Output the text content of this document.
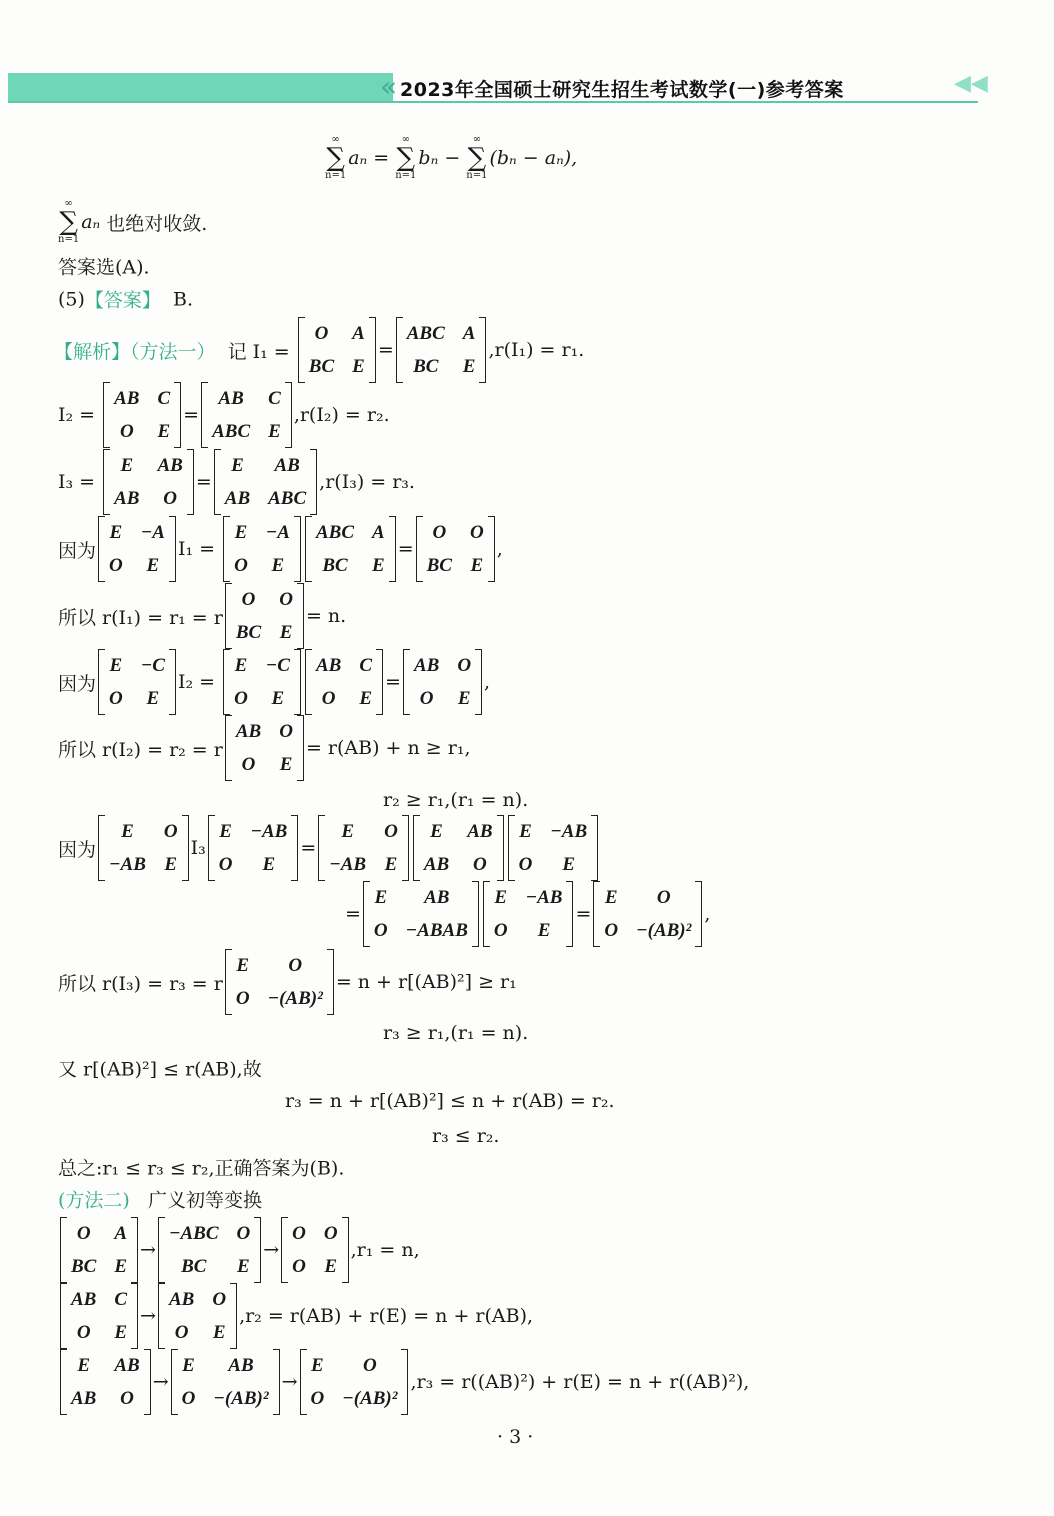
« 2023年全国硕士研究生招生考试数学(一)参考答案	◀◀
∞
∑
n=1
aₙ =
∞
∑
n=1
bₙ −
∞
∑
n=1
(bₙ − aₙ),
∞
∑
n=1
aₙ 也绝对收敛.
答案选(A).
(5) 【答案】 B.
【解析】（方法一） 记 I₁ =
O A
BC E
=
ABC A
BC E
,r(I₁) = r₁.
I₂ =
AB C
O E
=
AB C
ABC E
,r(I₂) = r₂.
I₃ =
E AB
AB O
=
E AB
AB ABC
,r(I₃) = r₃.
因为
E −A
O E
I₁ =
E −A
O E
ABC A
BC E
=
O O
BC E
,
所以 r(I₁) = r₁ = r
O O
BC E
= n.
因为
E −C
O E
I₂ =
E −C
O E
AB C
O E
=
AB O
O E
,
所以 r(I₂) = r₂ = r
AB O
O E
= r(AB) + n ≥ r₁,
r₂ ≥ r₁,(r₁ = n).
因为
E O
−AB E
I₃
E −AB
O E
=
E O
−AB E
E AB
AB O
E −AB
O E
=
E AB
O −ABAB
E −AB
O E
=
E O
O −(AB)²
,
所以 r(I₃) = r₃ = r
E O
O −(AB)²
= n + r[(AB)²] ≥ r₁
r₃ ≥ r₁,(r₁ = n).
又 r[(AB)²] ≤ r(AB),故
r₃ = n + r[(AB)²] ≤ n + r(AB) = r₂.
r₃ ≤ r₂.
总之:r₁ ≤ r₃ ≤ r₂,正确答案为(B).
(方法二) 广义初等变换
O A
BC E
→
−ABC O
BC E
→
O O
O E
,r₁ = n,
AB C
O E
→
AB O
O E
,r₂ = r(AB) + r(E) = n + r(AB),
E AB
AB O
→
E AB
O −(AB)²
→
E O
O −(AB)²
,r₃ = r((AB)²) + r(E) = n + r((AB)²),
· 3 ·
